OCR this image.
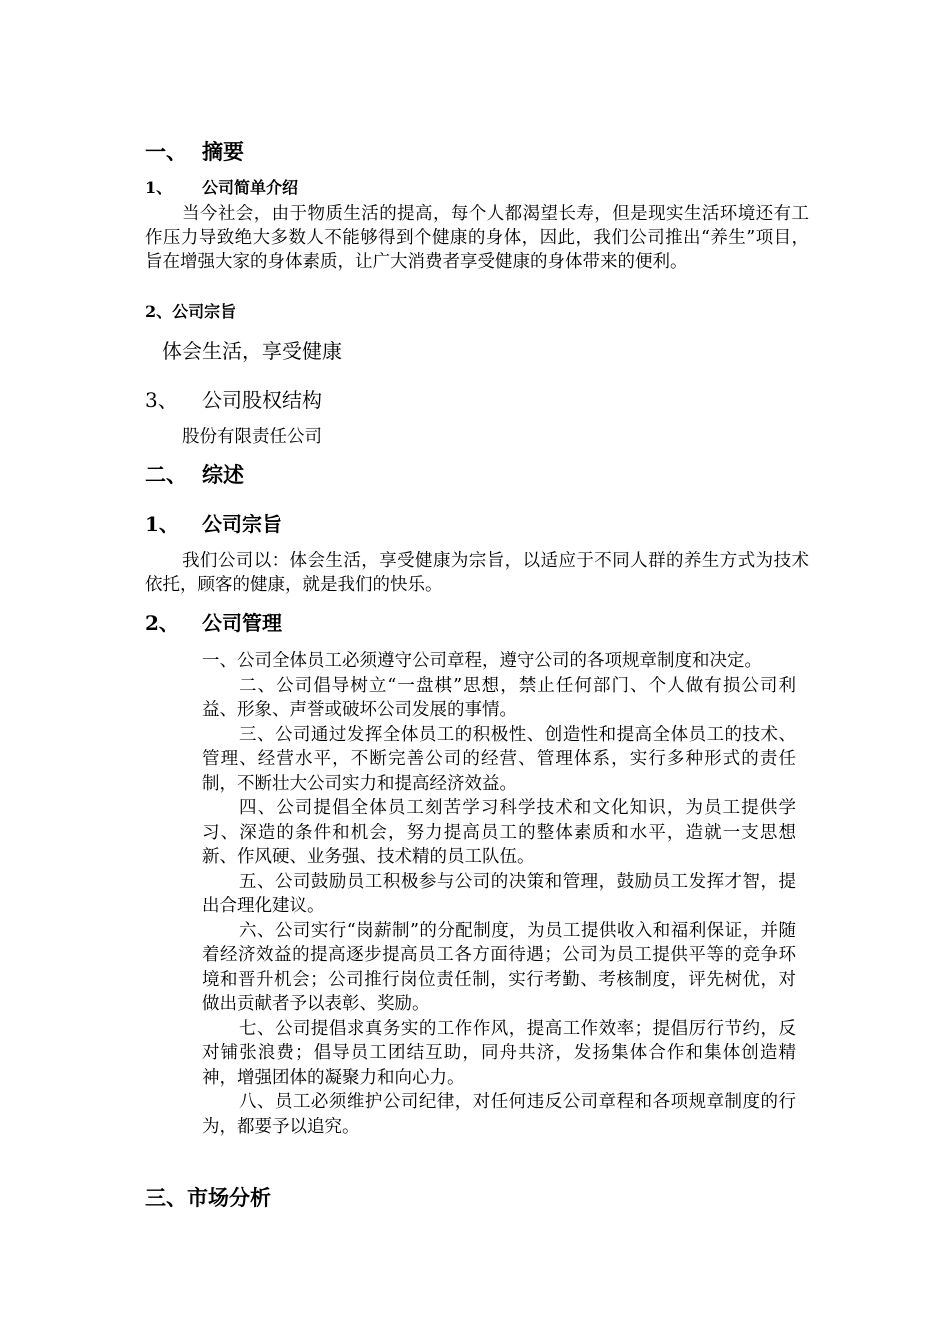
一、 摘要
1、 公司简单介绍
当今社会，由于物质生活的提高，每个人都渴望长寿，但是现实生活环境还有工作压力导致绝大多数人不能够得到个健康的身体，因此，我们公司推出“养生”项目，旨在增强大家的身体素质，让广大消费者享受健康的身体带来的便利。
2、公司宗旨
体会生活，享受健康
3、 公司股权结构
股份有限责任公司
二、 综述
1、 公司宗旨
我们公司以：体会生活，享受健康为宗旨，以适应于不同人群的养生方式为技术依托，顾客的健康，就是我们的快乐。
2、 公司管理

一、公司全体员工必须遵守公司章程，遵守公司的各项规章制度和决定。

二、公司倡导树立“一盘棋”思想，禁止任何部门、个人做有损公司利益、形象、声誉或破坏公司发展的事情。

三、公司通过发挥全体员工的积极性、创造性和提高全体员工的技术、管理、经营水平，不断完善公司的经营、管理体系，实行多种形式的责任制，不断壮大公司实力和提高经济效益。

四、公司提倡全体员工刻苦学习科学技术和文化知识，为员工提供学习、深造的条件和机会，努力提高员工的整体素质和水平，造就一支思想新、作风硬、业务强、技术精的员工队伍。

五、公司鼓励员工积极参与公司的决策和管理，鼓励员工发挥才智，提出合理化建议。

六、公司实行“岗薪制”的分配制度，为员工提供收入和福利保证，并随着经济效益的提高逐步提高员工各方面待遇；公司为员工提供平等的竞争环境和晋升机会；公司推行岗位责任制，实行考勤、考核制度，评先树优，对做出贡献者予以表彰、奖励。

七、公司提倡求真务实的工作作风，提高工作效率；提倡厉行节约，反对铺张浪费；倡导员工团结互助，同舟共济，发扬集体合作和集体创造精神，增强团体的凝聚力和向心力。

八、员工必须维护公司纪律，对任何违反公司章程和各项规章制度的行为，都要予以追究。

三、市场分析
